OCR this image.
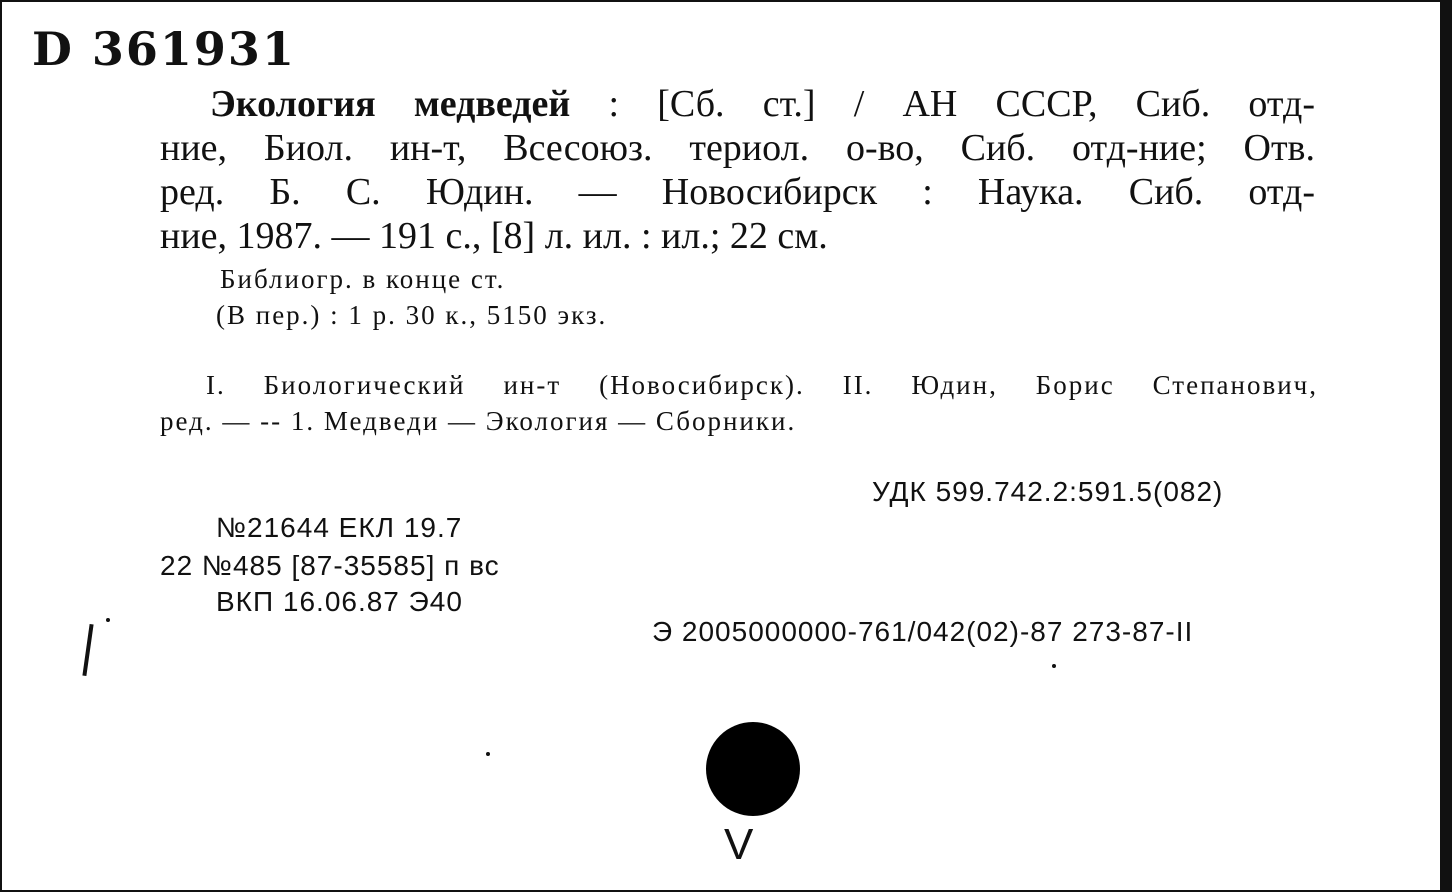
D 361931
Экология медведей : [Сб. ст.] / АН СССР, Сиб. отд-
ние, Биол. ин-т, Всесоюз. териол. о-во, Сиб. отд-ние; Отв.
ред. Б. С. Юдин. — Новосибирск : Наука. Сиб. отд-
ние, 1987. — 191 с., [8] л. ил. : ил.; 22 см.
Библиогр. в конце ст.
(В пер.) : 1 р. 30 к., 5150 экз.
I. Биологический ин-т (Новосибирск). II. Юдин, Борис Степанович,
ред. — -- 1. Медведи — Экология — Сборники.
УДК 599.742.2:591.5(082)
№21644 ЕКЛ 19.7
22 №485 [87-35585] п вс
ВКП 16.06.87 Э40
Э 2005000000-761/042(02)-87 273-87-II
V
